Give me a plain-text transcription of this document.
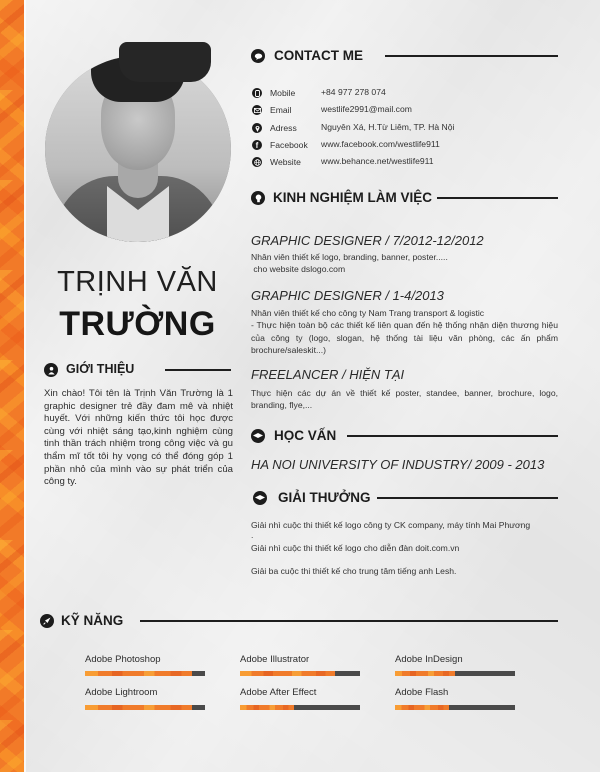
TRỊNH VĂN
TRƯỜNG
GIỚI THIỆU
Xin chào! Tôi tên là Trịnh Văn Trường là 1 graphic designer trẻ đầy đam mê và nhiệt huyết. Với những kiến thức tôi học được cùng với nhiệt sáng tạo,kinh nghiệm cùng tinh thần trách nhiệm trong công việc và gu thẩm mĩ tốt tôi hy vọng có thể đóng góp 1 phần nhỏ của mình vào sự phát triển của công ty.
CONTACT ME
Mobile	+84 977 278 074
Email	westlife2991@mail.com
Adress	Nguyên Xá, H.Từ Liêm, TP. Hà Nội
f Facebook www.facebook.com/westlife911
Website www.behance.net/westlife911
KINH NGHIỆM LÀM VIỆC
GRAPHIC DESIGNER / 7/2012-12/2012
Nhân viên thiết kế logo, branding, banner, poster.....
cho website dslogo.com
GRAPHIC DESIGNER / 1-4/2013
Nhân viên thiết kế cho công ty Nam Trang transport & logistic
- Thực hiện toàn bộ các thiết kế liên quan đến hệ thống nhận diện thương hiệu của công ty (logo, slogan, hệ thống tài liệu văn phòng, các ấn phẩm brochure/saleskit...)
FREELANCER / HIỆN TẠI
Thực hiện các dự án về thiết kế poster, standee, banner, brochure, logo, branding, flye,...
HỌC VẤN
HA NOI UNIVERSITY OF INDUSTRY/ 2009 - 2013
GIẢI THƯỞNG
Giải nhì cuộc thi thiết kế logo công ty CK company, máy tính Mai Phương
.
Giải nhì cuộc thi thiết kế logo cho diễn đàn doit.com.vn
Giải ba cuộc thi thiết kế cho trung tâm tiếng anh Lesh.
KỸ NĂNG
Adobe Photoshop	Adobe Illustrator	Adobe InDesign
Adobe Lightroom	Adobe After Effect	Adobe Flash
